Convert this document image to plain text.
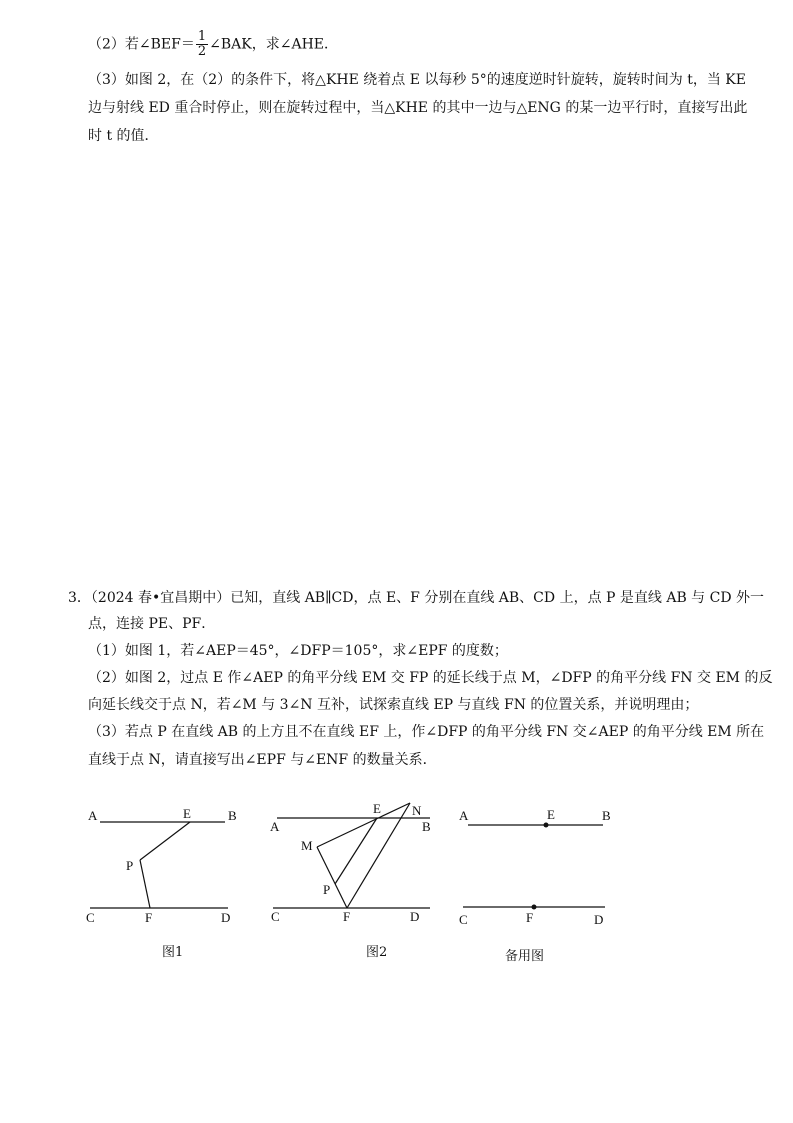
（2）若∠BEF＝ $\frac{1}{2}$ ∠BAK，求∠AHE．
（3）如图 2，在（2）的条件下，将△KHE 绕着点 E 以每秒 5°的速度逆时针旋转，旋转时间为 t，当 KE
边与射线 ED 重合时停止，则在旋转过程中，当△KHE 的其中一边与△ENG 的某一边平行时，直接写出此
时 t 的值．
3．（2024 春•宜昌期中）已知，直线 AB∥CD，点 E、F 分别在直线 AB、CD 上，点 P 是直线 AB 与 CD 外一
点，连接 PE、PF．
（1）如图 1，若∠AEP＝45°，∠DFP＝105°，求∠EPF 的度数；
（2）如图 2，过点 E 作∠AEP 的角平分线 EM 交 FP 的延长线于点 M，∠DFP 的角平分线 FN 交 EM 的反
向延长线交于点 N，若∠M 与 3∠N 互补，试探索直线 EP 与直线 FN 的位置关系，并说明理由；
（3）若点 P 在直线 AB 的上方且不在直线 EF 上，作∠DFP 的角平分线 FN 交∠AEP 的角平分线 EM 所在
直线于点 N，请直接写出∠EPF 与∠ENF 的数量关系．
A	E	B
P
C	F	D
图1
E N
A	B
M
P
C	F	D
图2
A	E	B
C	F	D
备用图
